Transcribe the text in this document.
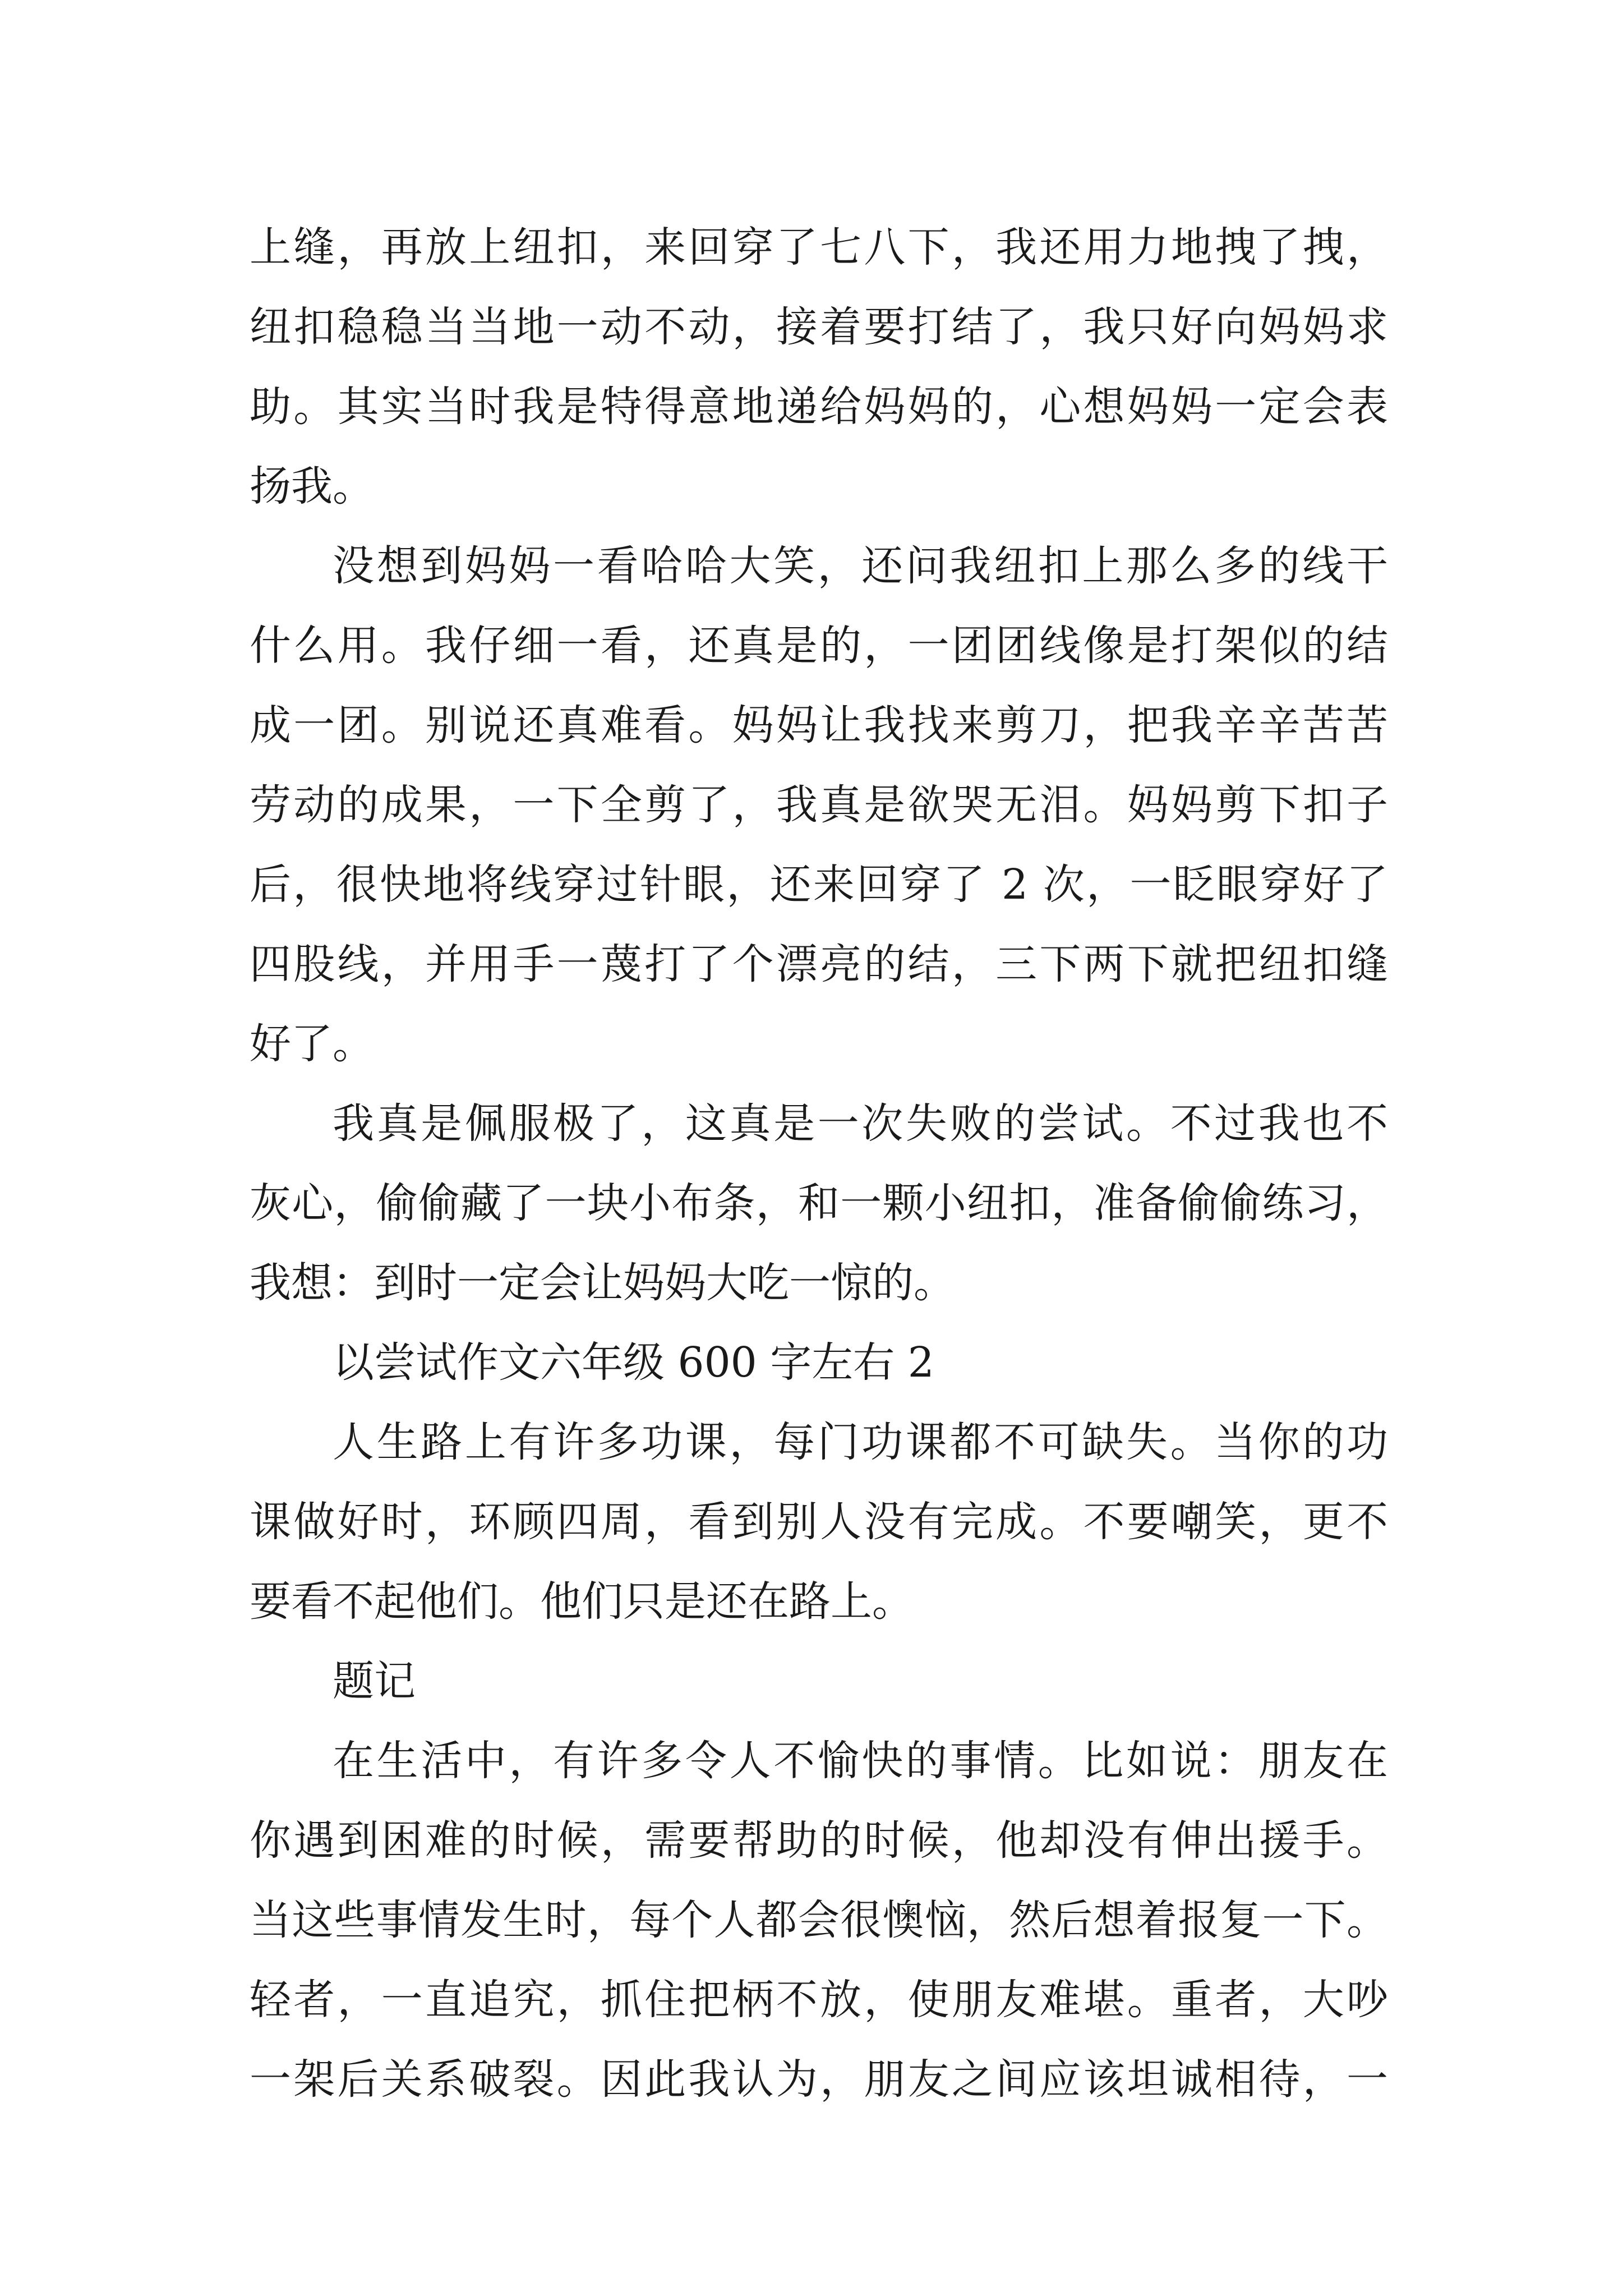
上缝，再放上纽扣，来回穿了七八下，我还用力地拽了拽，
纽扣稳稳当当地一动不动，接着要打结了，我只好向妈妈求
助。其实当时我是特得意地递给妈妈的，心想妈妈一定会表
扬我。
没想到妈妈一看哈哈大笑，还问我纽扣上那么多的线干
什么用。我仔细一看，还真是的，一团团线像是打架似的结
成一团。别说还真难看。妈妈让我找来剪刀，把我辛辛苦苦
劳动的成果，一下全剪了，我真是欲哭无泪。妈妈剪下扣子
后，很快地将线穿过针眼，还来回穿了 2 次，一眨眼穿好了
四股线，并用手一蔑打了个漂亮的结，三下两下就把纽扣缝
好了。
我真是佩服极了，这真是一次失败的尝试。不过我也不
灰心，偷偷藏了一块小布条，和一颗小纽扣，准备偷偷练习，
我想：到时一定会让妈妈大吃一惊的。
以尝试作文六年级 600 字左右 2
人生路上有许多功课，每门功课都不可缺失。当你的功
课做好时，环顾四周，看到别人没有完成。不要嘲笑，更不
要看不起他们。他们只是还在路上。
题记
在生活中，有许多令人不愉快的事情。比如说：朋友在
你遇到困难的时候，需要帮助的时候，他却没有伸出援手。
当这些事情发生时，每个人都会很懊恼，然后想着报复一下。
轻者，一直追究，抓住把柄不放，使朋友难堪。重者，大吵
一架后关系破裂。因此我认为，朋友之间应该坦诚相待，一
